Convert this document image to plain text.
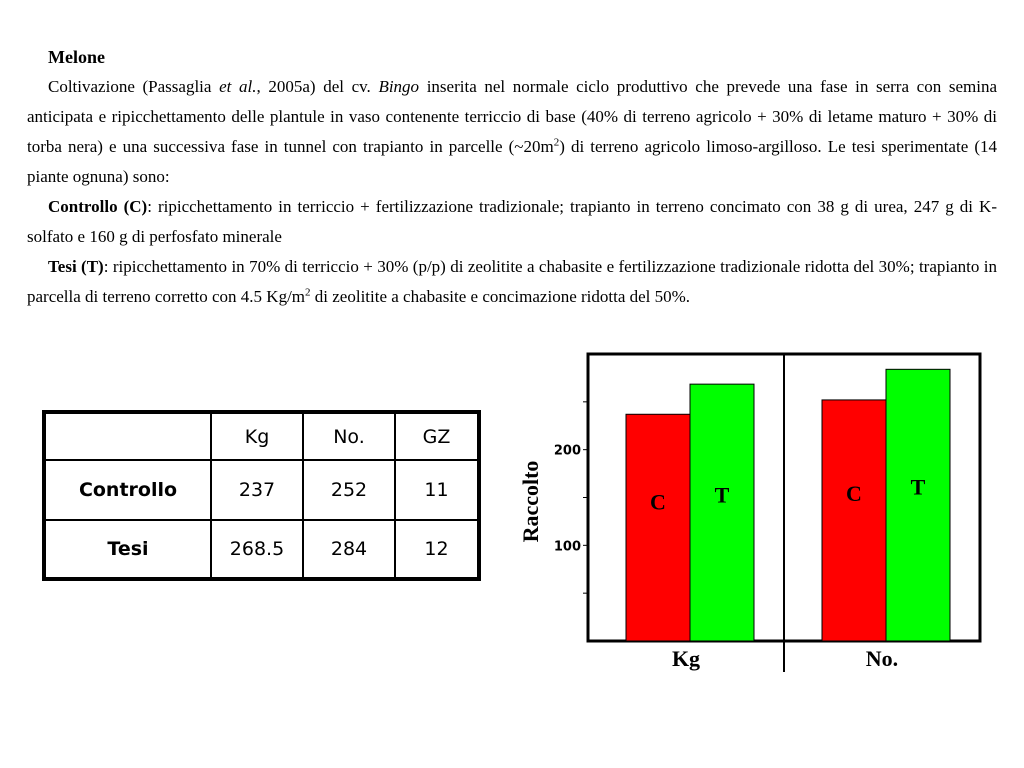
Melone

Coltivazione (Passaglia et al., 2005a) del cv. Bingo inserita nel normale ciclo produttivo che prevede una fase in serra con semina anticipata e ripicchettamento delle plantule in vaso contenente terriccio di base (40% di terreno agricolo + 30% di letame maturo + 30% di torba nera) e una successiva fase in tunnel con trapianto in parcelle $(\sim 20m^2)$ di terreno agricolo limoso-argilloso. Le tesi sperimentate (14 piante ognuna) sono:

Controllo (C): ripicchettamento in terriccio + fertilizzazione tradizionale; trapianto in terreno concimato con 38 g di urea, 247 g di K-solfato e 160 g di perfosfato minerale

Tesi (T): ripicchettamento in 70% di terriccio + 30% (p/p) di zeolitite a chabasite e fertilizzazione tradizionale ridotta del 30%; trapianto in parcella di terreno corretto con 4.5 $Kg/m^2$ di zeolitite a chabasite e concimazione ridotta del 50%.

	Kg	No.	GZ
Controllo	237	252	11
Tesi	268.5	284	12	100
200
Raccolto	C T
Kg
C T
No.
